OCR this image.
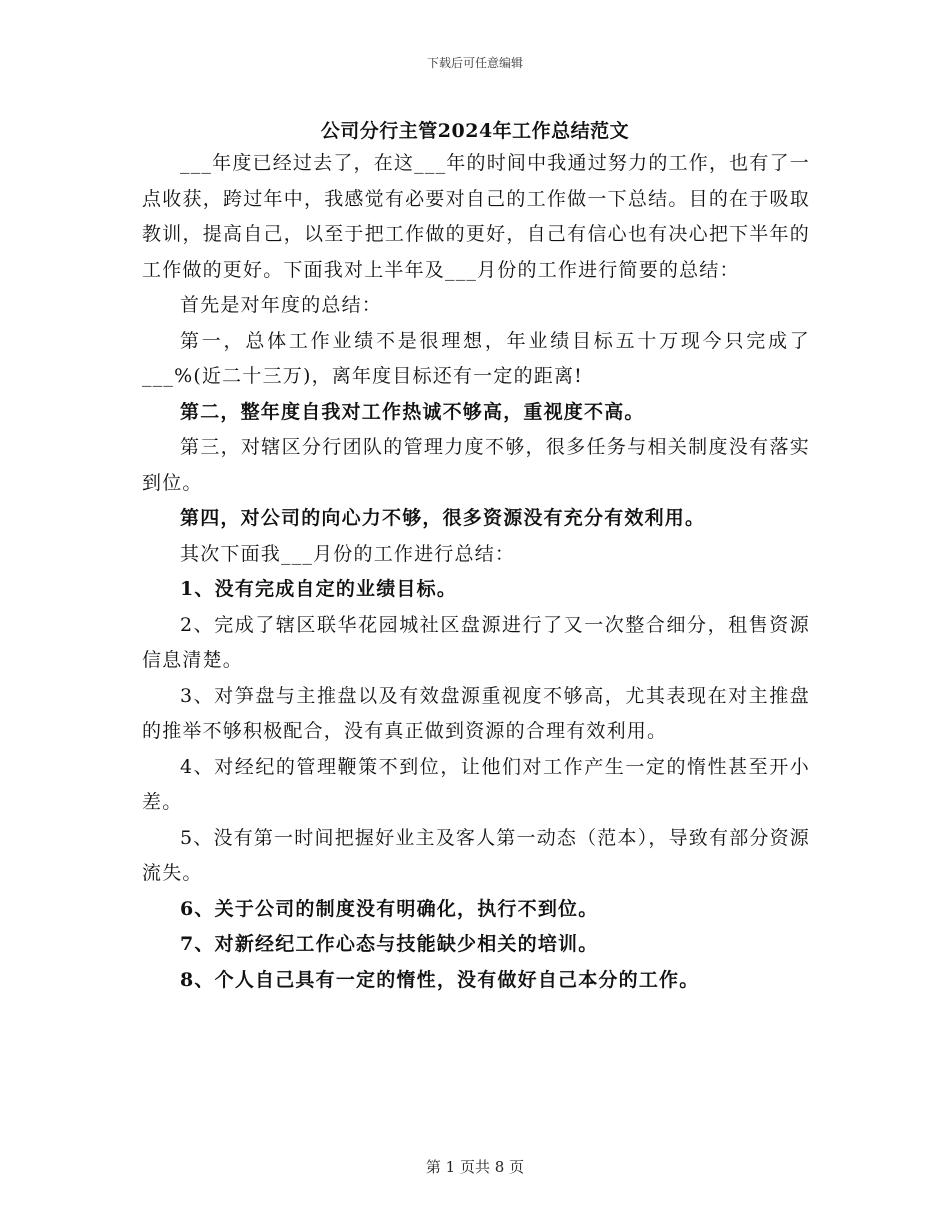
下载后可任意编辑
公司分行主管2024年工作总结范文

___年度已经过去了，在这___年的时间中我通过努力的工作，也有了一点收获，跨过年中，我感觉有必要对自己的工作做一下总结。目的在于吸取教训，提高自己，以至于把工作做的更好，自己有信心也有决心把下半年的工作做的更好。下面我对上半年及___月份的工作进行简要的总结：

首先是对年度的总结：

第一，总体工作业绩不是很理想，年业绩目标五十万现今只完成了___%(近二十三万)，离年度目标还有一定的距离!

第二，整年度自我对工作热诚不够高，重视度不高。

第三，对辖区分行团队的管理力度不够，很多任务与相关制度没有落实到位。

第四，对公司的向心力不够，很多资源没有充分有效利用。

其次下面我___月份的工作进行总结：

1、没有完成自定的业绩目标。

2、完成了辖区联华花园城社区盘源进行了又一次整合细分，租售资源信息清楚。

3、对笋盘与主推盘以及有效盘源重视度不够高，尤其表现在对主推盘的推举不够积极配合，没有真正做到资源的合理有效利用。

4、对经纪的管理鞭策不到位，让他们对工作产生一定的惰性甚至开小差。

5、没有第一时间把握好业主及客人第一动态（范本），导致有部分资源流失。

6、关于公司的制度没有明确化，执行不到位。

7、对新经纪工作心态与技能缺少相关的培训。

8、个人自己具有一定的惰性，没有做好自己本分的工作。

第 1 页共 8 页
